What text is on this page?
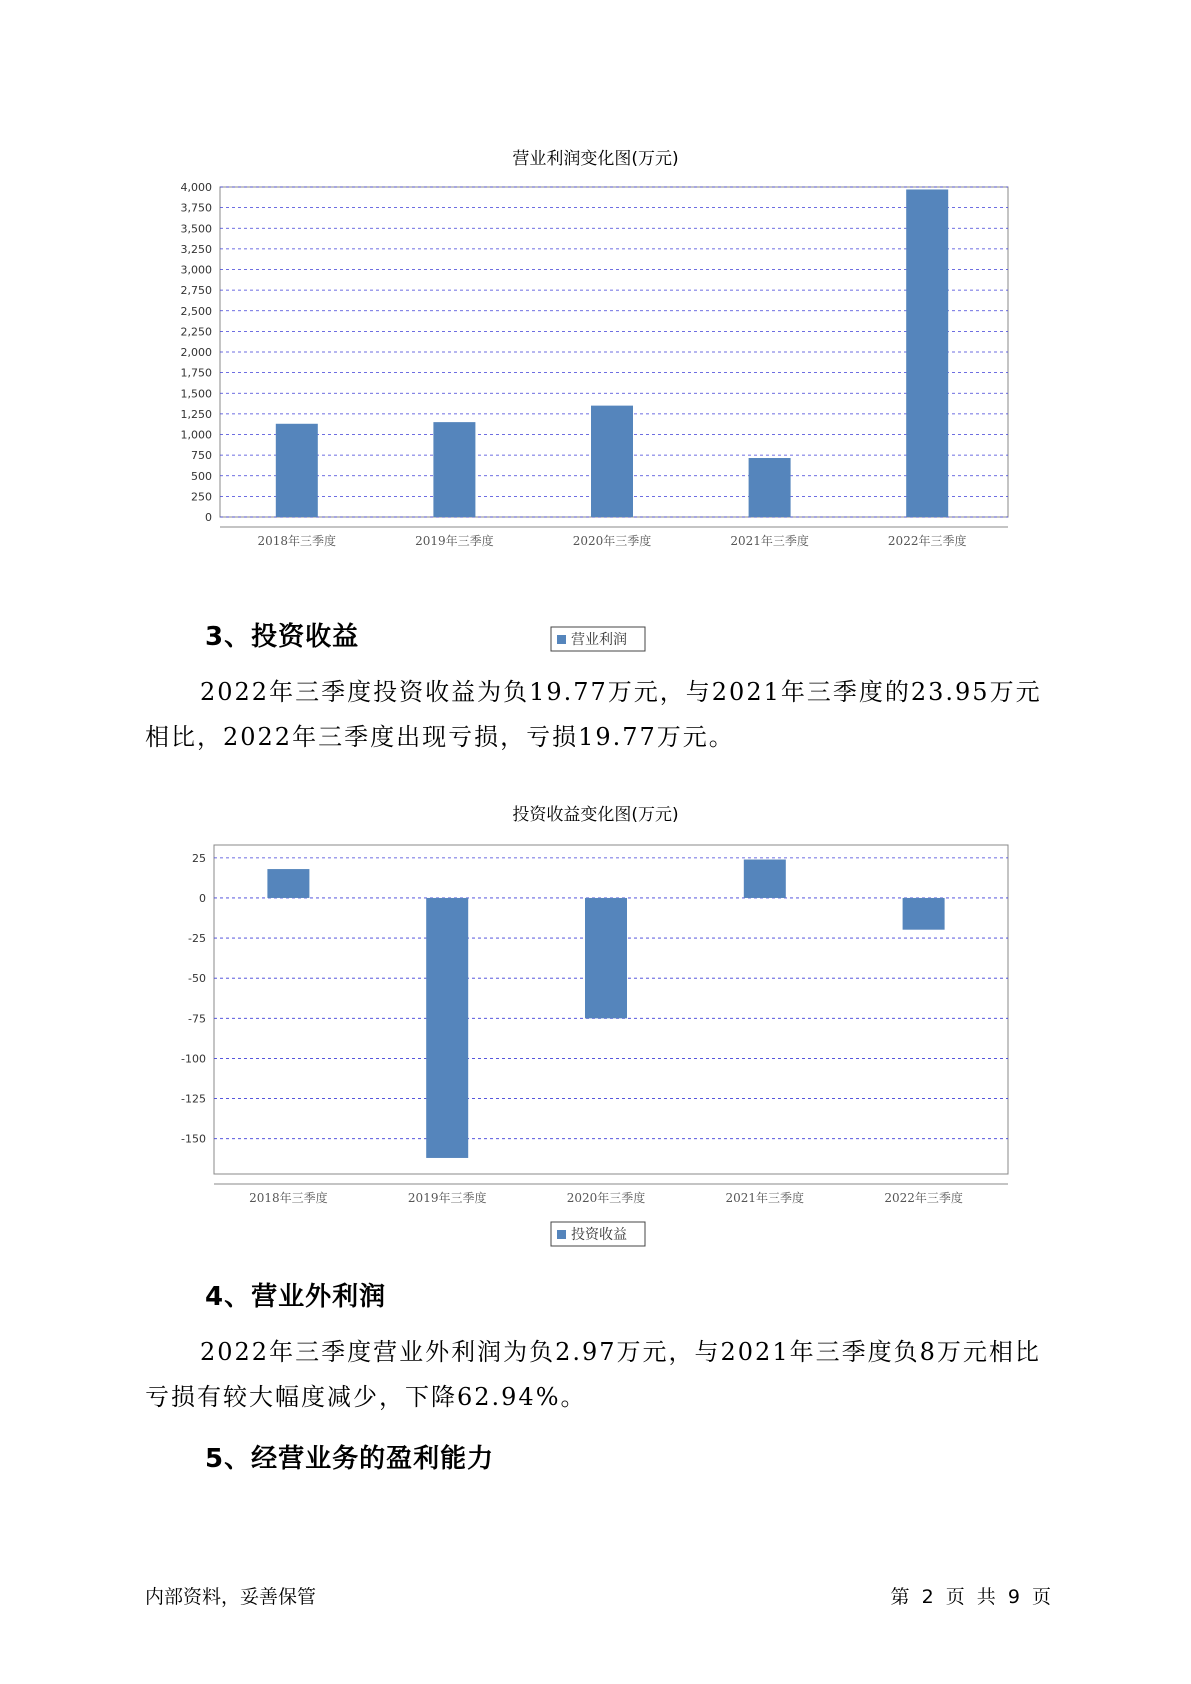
营业利润变化图(万元)
0
250
500
750
1,000
1,250
1,500
1,750
2,000
2,250
2,500
2,750
3,000
3,250
3,500
3,750
4,000
2018年三季度	2019年三季度	2020年三季度	2021年三季度	2022年三季度
营业利润
3、投资收益
2022年三季度投资收益为负19.77万元，与2021年三季度的23.95万元相比，2022年三季度出现亏损，亏损19.77万元。
投资收益变化图(万元)
25
0
-25
-50
-75
-100
-125
-150
2018年三季度	2019年三季度	2020年三季度	2021年三季度	2022年三季度
投资收益
4、营业外利润
2022年三季度营业外利润为负2.97万元，与2021年三季度负8万元相比亏损有较大幅度减少，下降62.94%。
5、经营业务的盈利能力
内部资料，妥善保管	第 2 页 共 9 页
